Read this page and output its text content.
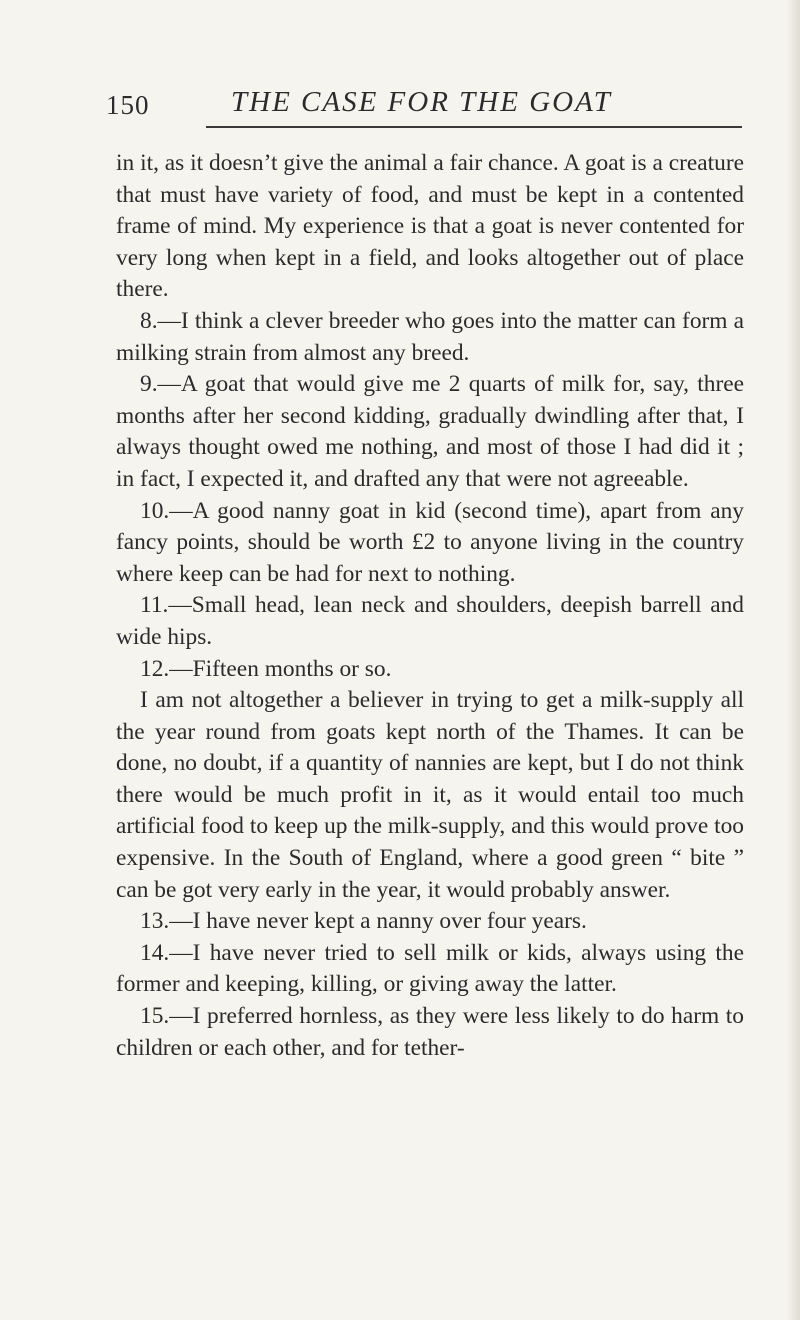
150	THE CASE FOR THE GOAT

in it, as it doesn’t give the animal a fair chance. A goat is a creature that must have variety of food, and must be kept in a contented frame of mind. My experience is that a goat is never contented for very long when kept in a field, and looks altogether out of place there.

8.—I think a clever breeder who goes into the matter can form a milking strain from almost any breed.

9.—A goat that would give me 2 quarts of milk for, say, three months after her second kidding, gradually dwindling after that, I always thought owed me nothing, and most of those I had did it ; in fact, I expected it, and drafted any that were not agreeable.

10.—A good nanny goat in kid (second time), apart from any fancy points, should be worth £2 to anyone living in the country where keep can be had for next to nothing.

11.—Small head, lean neck and shoulders, deepish barrell and wide hips.

12.—Fifteen months or so.

I am not altogether a believer in trying to get a milk-supply all the year round from goats kept north of the Thames. It can be done, no doubt, if a quantity of nannies are kept, but I do not think there would be much profit in it, as it would entail too much artificial food to keep up the milk-supply, and this would prove too expensive. In the South of England, where a good green “ bite ” can be got very early in the year, it would probably answer.

13.—I have never kept a nanny over four years.

14.—I have never tried to sell milk or kids, always using the former and keeping, killing, or giving away the latter.

15.—I preferred hornless, as they were less likely to do harm to children or each other, and for tether-
